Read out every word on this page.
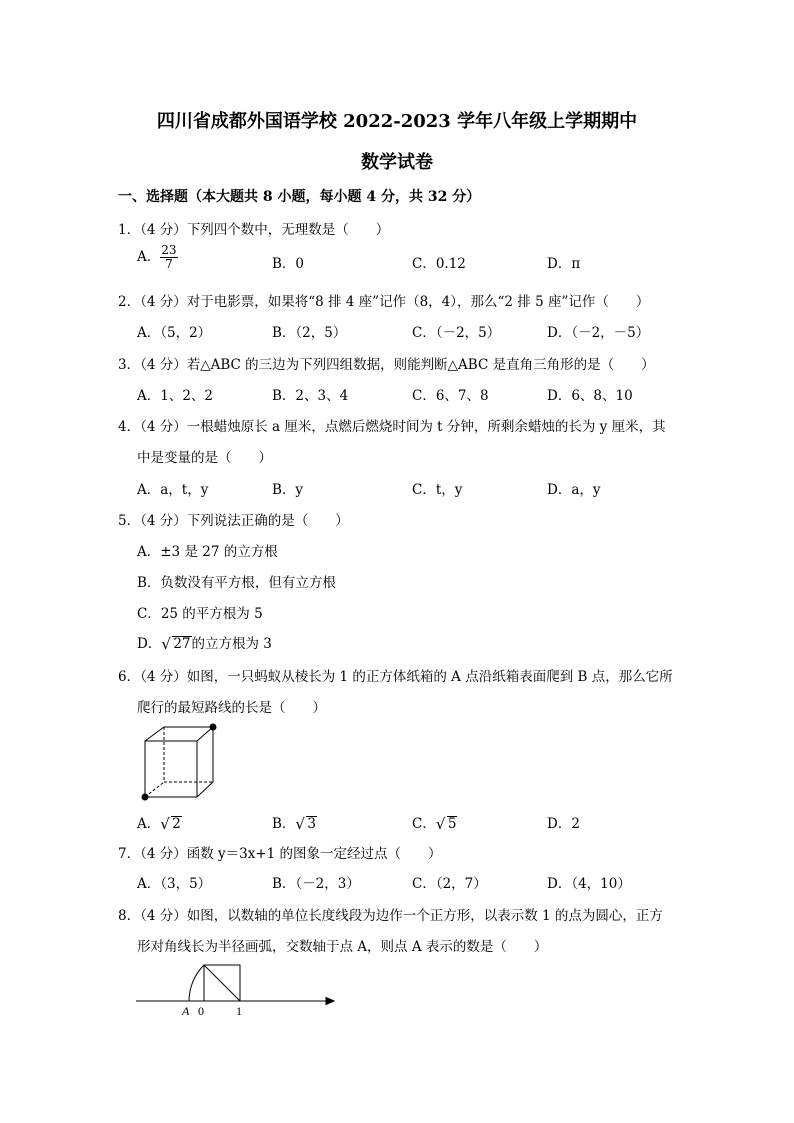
四川省成都外国语学校 2022-2023 学年八年级上学期期中
数学试卷
一、选择题（本大题共 8 小题，每小题 4 分，共 32 分）
1．（4 分）下列四个数中，无理数是（　　）
A． $\frac{23}{7}$	B．0	C．0.12	D．π
2．（4 分）对于电影票，如果将“8 排 4 座”记作（8，4），那么“2 排 5 座”记作（　　）
A．（5，2）	B．（2，5）	C．（－2，5）	D．（－2，－5）
3．（4 分）若△ABC 的三边为下列四组数据，则能判断△ABC 是直角三角形的是（　　）
A．1、2、2	B．2、3、4	C．6、7、8	D．6、8、10
4．（4 分）一根蜡烛原长 a 厘米，点燃后燃烧时间为 t 分钟，所剩余蜡烛的长为 y 厘米，其
中是变量的是（　　）
A．a，t，y	B．y	C．t，y	D．a，y
5．（4 分）下列说法正确的是（　　）
A．±3 是 27 的立方根
B．负数没有平方根，但有立方根
C．25 的平方根为 5
D． √ 27的立方根为 3
6．（4 分）如图，一只蚂蚁从棱长为 1 的正方体纸箱的 A 点沿纸箱表面爬到 B 点，那么它所
爬行的最短路线的长是（　　）
A． √ 2	B． √ 3	C． √ 5	D．2
7．（4 分）函数 y＝3x+1 的图象一定经过点（　　）
A．（3，5）	B．（－2，3）	C．（2，7）	D．（4，10）
8．（4 分）如图，以数轴的单位长度线段为边作一个正方形，以表示数 1 的点为圆心，正方
形对角线长为半径画弧，交数轴于点 A，则点 A 表示的数是（　　）
A 0	1
